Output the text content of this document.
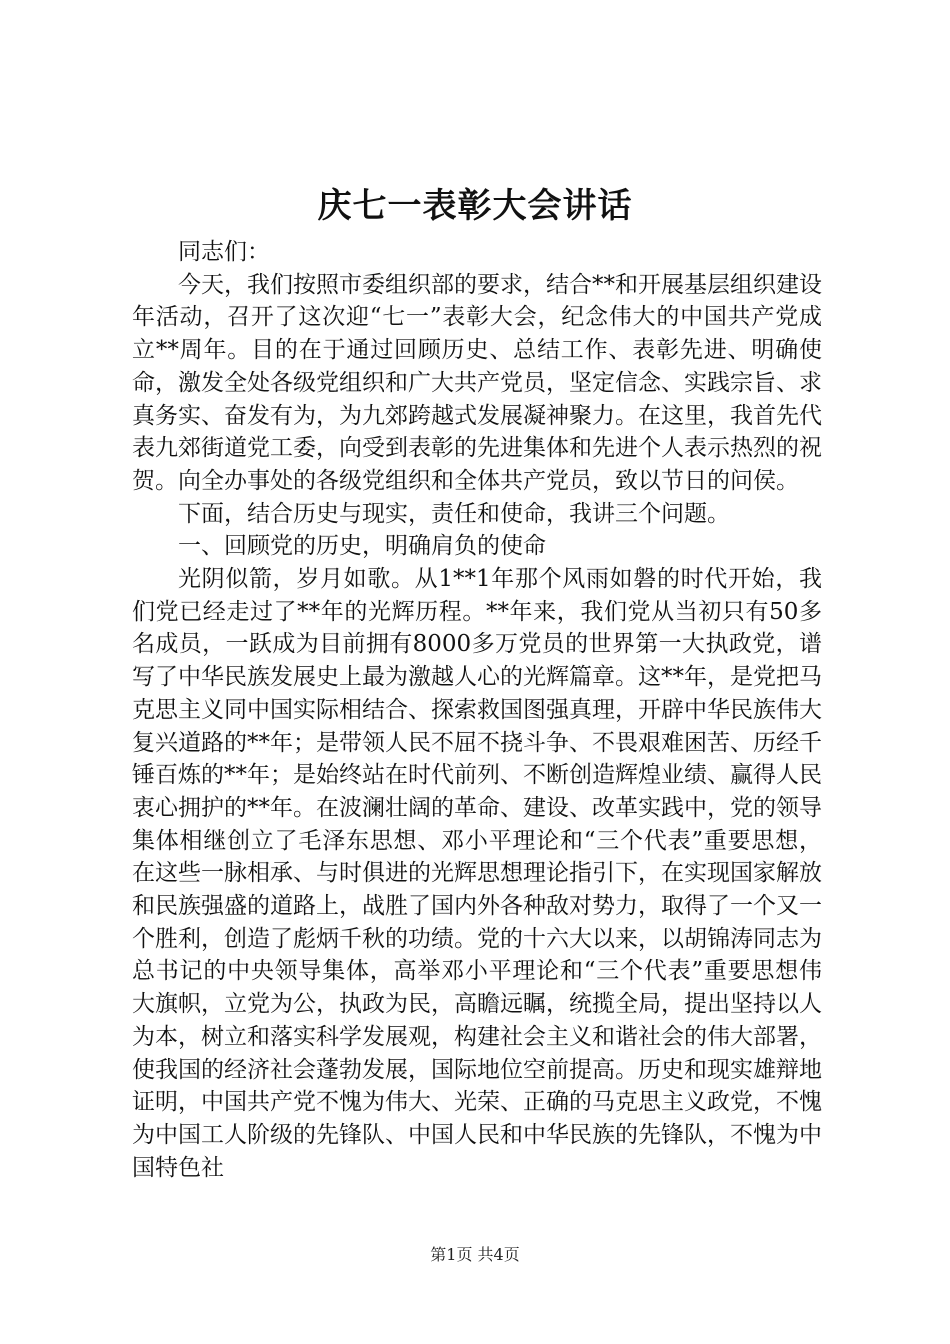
庆七一表彰大会讲话

同志们：

今天，我们按照市委组织部的要求，结合**和开展基层组织建设年活动，召开了这次迎“七一”表彰大会，纪念伟大的中国共产党成立**周年。目的在于通过回顾历史、总结工作、表彰先进、明确使命，激发全处各级党组织和广大共产党员，坚定信念、实践宗旨、求真务实、奋发有为，为九郊跨越式发展凝神聚力。在这里，我首先代表九郊街道党工委，向受到表彰的先进集体和先进个人表示热烈的祝贺。向全办事处的各级党组织和全体共产党员，致以节日的问侯。

下面，结合历史与现实，责任和使命，我讲三个问题。

一、回顾党的历史，明确肩负的使命

光阴似箭，岁月如歌。从1**1年那个风雨如磐的时代开始，我们党已经走过了**年的光辉历程。**年来，我们党从当初只有50多名成员，一跃成为目前拥有8000多万党员的世界第一大执政党，谱写了中华民族发展史上最为激越人心的光辉篇章。这**年，是党把马克思主义同中国实际相结合、探索救国图强真理，开辟中华民族伟大复兴道路的**年；是带领人民不屈不挠斗争、不畏艰难困苦、历经千锤百炼的**年；是始终站在时代前列、不断创造辉煌业绩、赢得人民衷心拥护的**年。在波澜壮阔的革命、建设、改革实践中，党的领导集体相继创立了毛泽东思想、邓小平理论和“三个代表”重要思想，在这些一脉相承、与时俱进的光辉思想理论指引下，在实现国家解放和民族强盛的道路上，战胜了国内外各种敌对势力，取得了一个又一个胜利，创造了彪炳千秋的功绩。党的十六大以来，以胡锦涛同志为总书记的中央领导集体，高举邓小平理论和“三个代表”重要思想伟大旗帜，立党为公，执政为民，高瞻远瞩，统揽全局，提出坚持以人为本，树立和落实科学发展观，构建社会主义和谐社会的伟大部署，使我国的经济社会蓬勃发展，国际地位空前提高。历史和现实雄辩地证明，中国共产党不愧为伟大、光荣、正确的马克思主义政党，不愧为中国工人阶级的先锋队、中国人民和中华民族的先锋队，不愧为中国特色社

第1页 共4页
